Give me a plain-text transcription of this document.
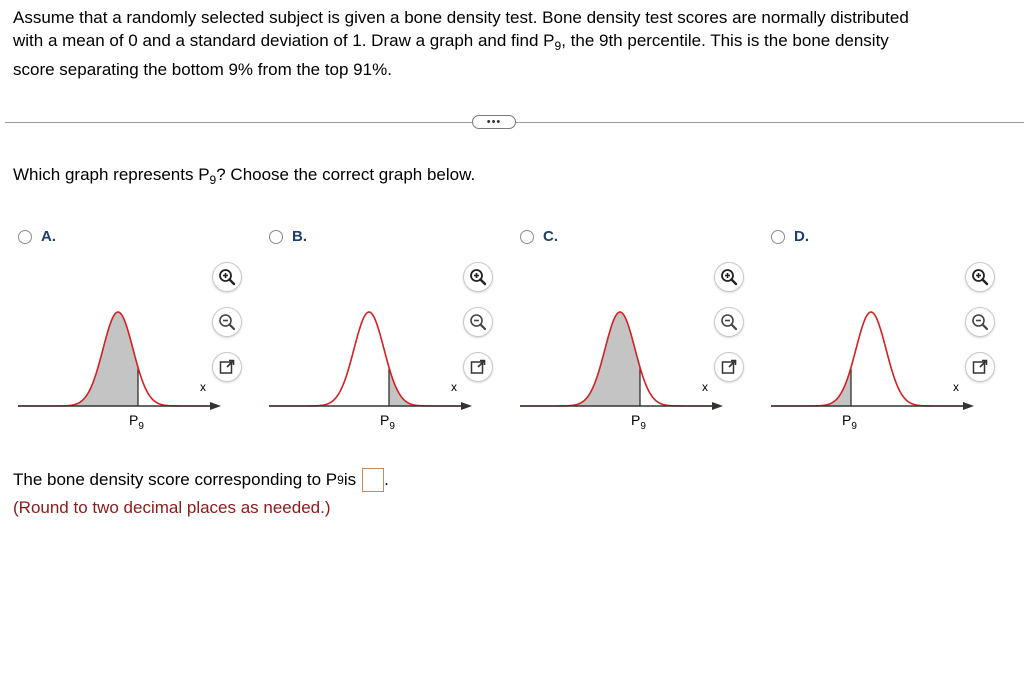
Assume that a randomly selected subject is given a bone density test. Bone density test scores are normally distributed
with a mean of 0 and a standard deviation of 1. Draw a graph and find $P_9$, the 9th percentile. This is the bone density

score separating the bottom 9% from the top 91%.
•••
Which graph represents $P_9$? Choose the correct graph below.
A.
x
$P_9$
B.
x
$P_9$
C.
x
$P_9$
D.
x
$P_9$
The bone density score corresponding to P 9 is .
(Round to two decimal places as needed.)
